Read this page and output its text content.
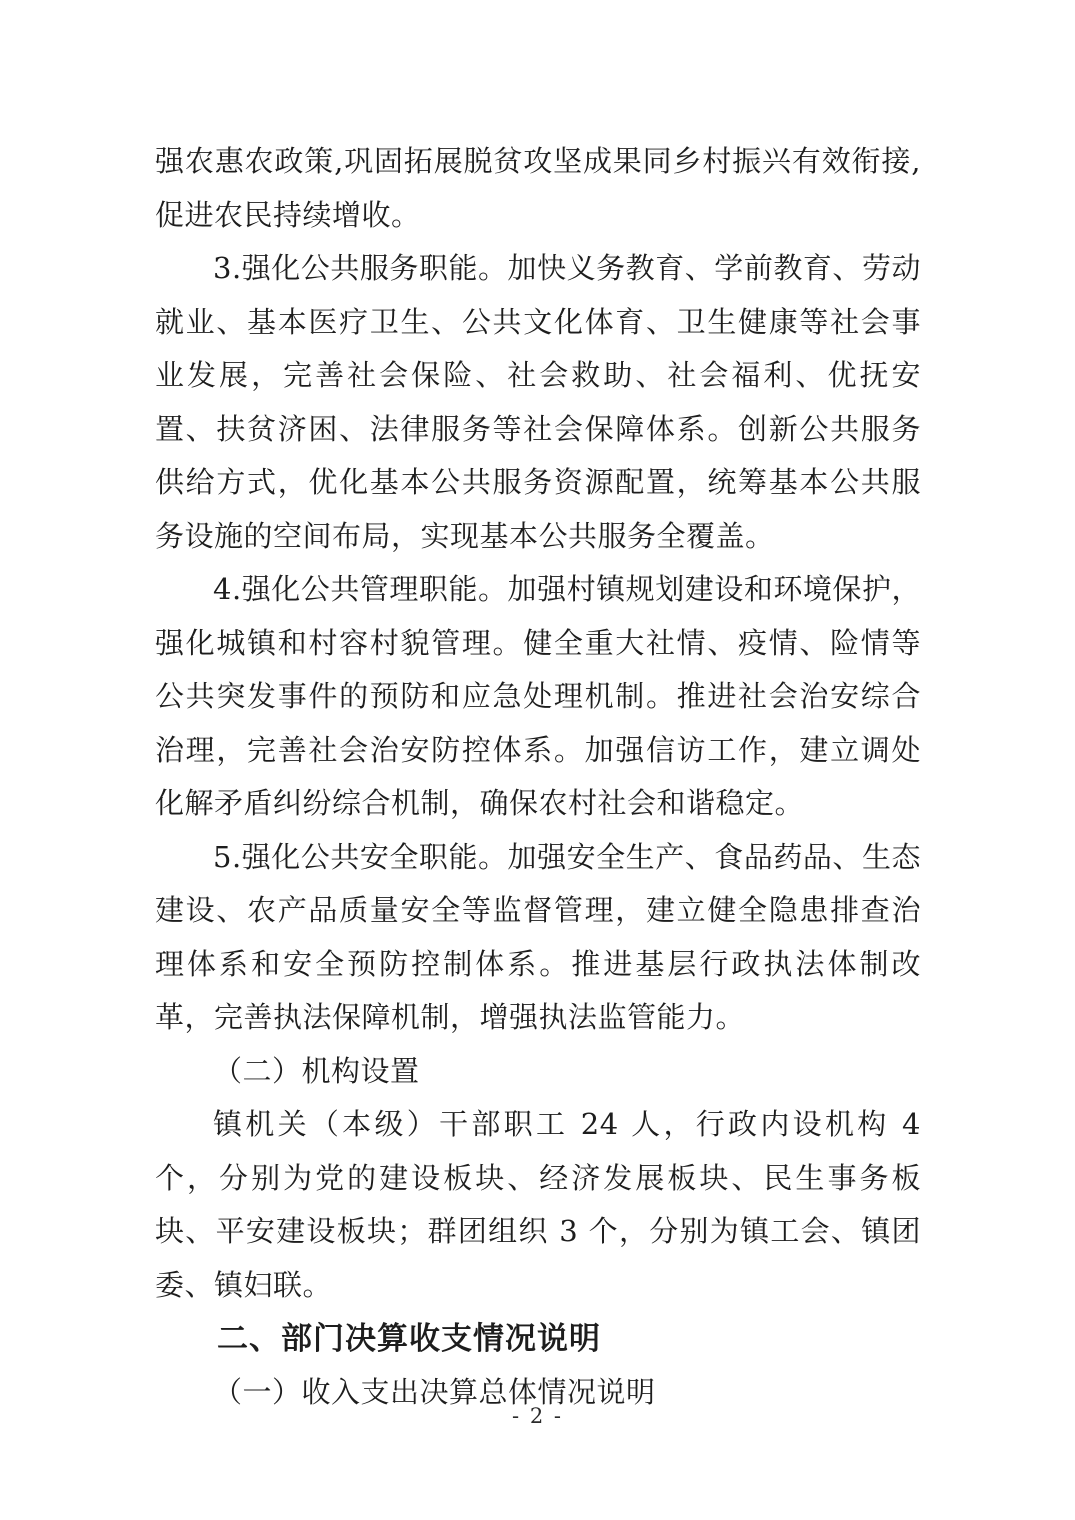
强农惠农政策,巩固拓展脱贫攻坚成果同乡村振兴有效衔接,促进农民持续增收。

3.强化公共服务职能。加快义务教育、学前教育、劳动就业、基本医疗卫生、公共文化体育、卫生健康等社会事业发展，完善社会保险、社会救助、社会福利、优抚安置、扶贫济困、法律服务等社会保障体系。创新公共服务供给方式，优化基本公共服务资源配置，统筹基本公共服务设施的空间布局，实现基本公共服务全覆盖。

4.强化公共管理职能。加强村镇规划建设和环境保护，强化城镇和村容村貌管理。健全重大社情、疫情、险情等公共突发事件的预防和应急处理机制。推进社会治安综合治理，完善社会治安防控体系。加强信访工作，建立调处化解矛盾纠纷综合机制，确保农村社会和谐稳定。

5.强化公共安全职能。加强安全生产、食品药品、生态建设、农产品质量安全等监督管理，建立健全隐患排查治理体系和安全预防控制体系。推进基层行政执法体制改革，完善执法保障机制，增强执法监管能力。

（二）机构设置

镇机关（本级）干部职工 24 人，行政内设机构 4 个，分别为党的建设板块、经济发展板块、民生事务板块、平安建设板块；群团组织 3 个，分别为镇工会、镇团委、镇妇联。

二、部门决算收支情况说明

（一）收入支出决算总体情况说明

- 2 -
